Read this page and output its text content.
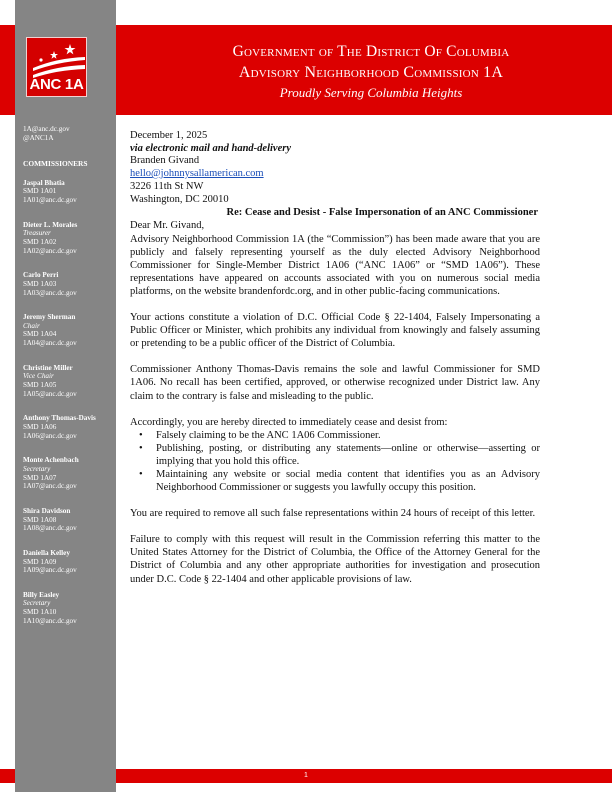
ANC 1A
Government of The District Of Columbia
Advisory Neighborhood Commission 1A
Proudly Serving Columbia Heights
1A@anc.dc.gov
@ANC1A
COMMISSIONERS
Jaspal Bhatia
SMD 1A01
1A01@anc.dc.gov
Dieter L. Morales
Treasurer
SMD 1A02
1A02@anc.dc.gov
Carlo Perri
SMD 1A03
1A03@anc.dc.gov
Jeremy Sherman
Chair
SMD 1A04
1A04@anc.dc.gov
Christine Miller
Vice Chair
SMD 1A05
1A05@anc.dc.gov
Anthony Thomas-Davis
SMD 1A06
1A06@anc.dc.gov
Monte Achenbach
Secretary
SMD 1A07
1A07@anc.dc.gov
Shira Davidson
SMD 1A08
1A08@anc.dc.gov
Daniella Kelley
SMD 1A09
1A09@anc.dc.gov
Billy Easley
Secretary
SMD 1A10
1A10@anc.dc.gov

December 1, 2025

via electronic mail and hand-delivery

Branden Givand
hello@johnnysallamerican.com
3226 11th St NW
Washington, DC 20010

Re: Cease and Desist - False Impersonation of an ANC Commissioner

Dear Mr. Givand,

Advisory Neighborhood Commission 1A (the “Commission”) has been made aware that you are publicly and falsely representing yourself as the duly elected Advisory Neighborhood Commissioner for Single-Member District 1A06 (“ANC 1A06” or “SMD 1A06”). These representations have appeared on accounts associated with you on numerous social media platforms, on the website brandenfordc.org, and in other public-facing communications.

Your actions constitute a violation of D.C. Official Code § 22-1404, Falsely Impersonating a Public Officer or Minister, which prohibits any individual from knowingly and falsely assuming or pretending to be a public officer of the District of Columbia.

Commissioner Anthony Thomas-Davis remains the sole and lawful Commissioner for SMD 1A06. No recall has been certified, approved, or otherwise recognized under District law. Any claim to the contrary is false and misleading to the public.

Accordingly, you are hereby directed to immediately cease and desist from:

• Falsely claiming to be the ANC 1A06 Commissioner.
• Publishing, posting, or distributing any statements—online or otherwise—asserting or implying that you hold this office.
• Maintaining any website or social media content that identifies you as an Advisory Neighborhood Commissioner or suggests you lawfully occupy this position.

You are required to remove all such false representations within 24 hours of receipt of this letter.

Failure to comply with this request will result in the Commission referring this matter to the United States Attorney for the District of Columbia, the Office of the Attorney General for the District of Columbia and any other appropriate authorities for investigation and prosecution under D.C. Code § 22-1404 and other applicable provisions of law.

1
